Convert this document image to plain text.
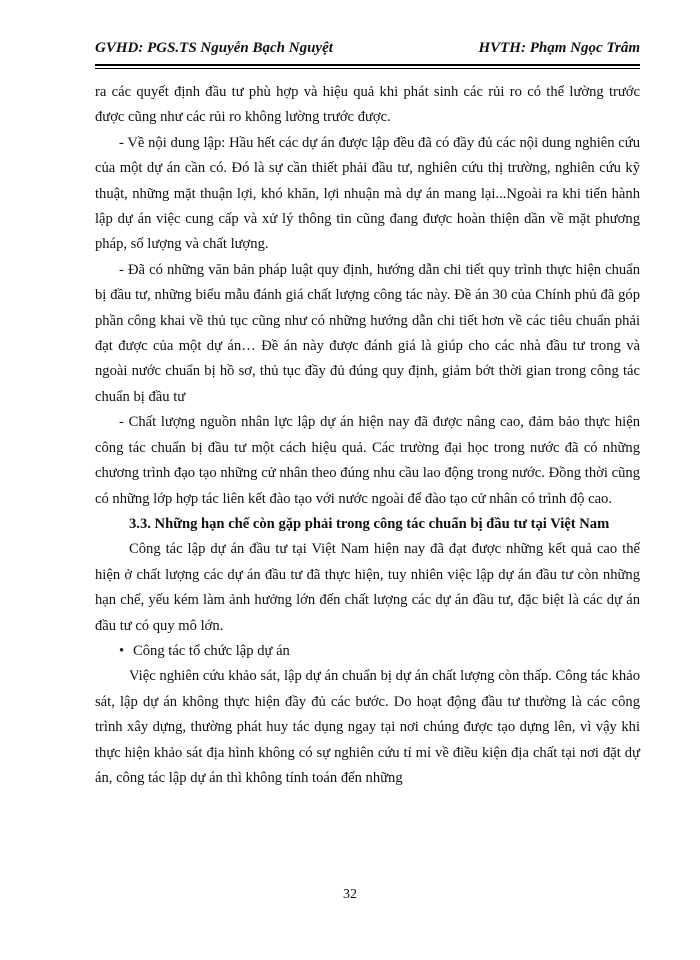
GVHD: PGS.TS Nguyễn Bạch Nguyệt	HVTH: Phạm Ngọc Trâm

ra các quyết định đầu tư phù hợp và hiệu quả khi phát sinh các rủi ro có thể lường trước được cũng như các rủi ro không lường trước được.

- Về nội dung lập: Hầu hết các dự án được lập đều đã có đầy đủ các nội dung nghiên cứu của một dự án cần có. Đó là sự cần thiết phải đầu tư, nghiên cứu thị trường, nghiên cứu kỹ thuật, những mặt thuận lợi, khó khăn, lợi nhuận mà dự án mang lại...Ngoài ra khi tiến hành lập dự án việc cung cấp và xử lý thông tin cũng đang được hoàn thiện dần về mặt phương pháp, số lượng và chất lượng.

- Đã có những văn bản pháp luật quy định, hướng dẫn chi tiết quy trình thực hiện chuẩn bị đầu tư, những biểu mẫu đánh giá chất lượng công tác này. Đề án 30 của Chính phủ đã góp phần công khai về thủ tục cũng như có những hướng dẫn chi tiết hơn về các tiêu chuẩn phải đạt được của một dự án… Đề án này được đánh giá là giúp cho các nhà đầu tư trong và ngoài nước chuẩn bị hồ sơ, thủ tục đầy đủ đúng quy định, giảm bớt thời gian trong công tác chuẩn bị đầu tư

- Chất lượng nguồn nhân lực lập dự án hiện nay đã được nâng cao, đảm bảo thực hiện công tác chuẩn bị đầu tư một cách hiệu quả. Các trường đại học trong nước đã có những chương trình đạo tạo những cử nhân theo đúng nhu cầu lao động trong nước. Đồng thời cũng có những lớp hợp tác liên kết đào tạo với nước ngoài để đào tạo cử nhân có trình độ cao.

3.3. Những hạn chế còn gặp phải trong công tác chuẩn bị đầu tư tại Việt Nam

Công tác lập dự án đầu tư tại Việt Nam hiện nay đã đạt được những kết quả cao thể hiện ở chất lượng các dự án đầu tư đã thực hiện, tuy nhiên việc lập dự án đầu tư còn những hạn chế, yếu kém làm ảnh hưởng lớn đến chất lượng các dự án đầu tư, đặc biệt là các dự án đầu tư có quy mô lớn.

• Công tác tổ chức lập dự án

Việc nghiên cứu khảo sát, lập dự án chuẩn bị dự án chất lượng còn thấp. Công tác khảo sát, lập dự án không thực hiện đầy đủ các bước. Do hoạt động đầu tư thường là các công trình xây dựng, thường phát huy tác dụng ngay tại nơi chúng được tạo dựng lên, vì vậy khi thực hiện khảo sát địa hình không có sự nghiên cứu tỉ mỉ về điều kiện địa chất tại nơi đặt dự án, công tác lập dự án thì không tính toán đến những

32
